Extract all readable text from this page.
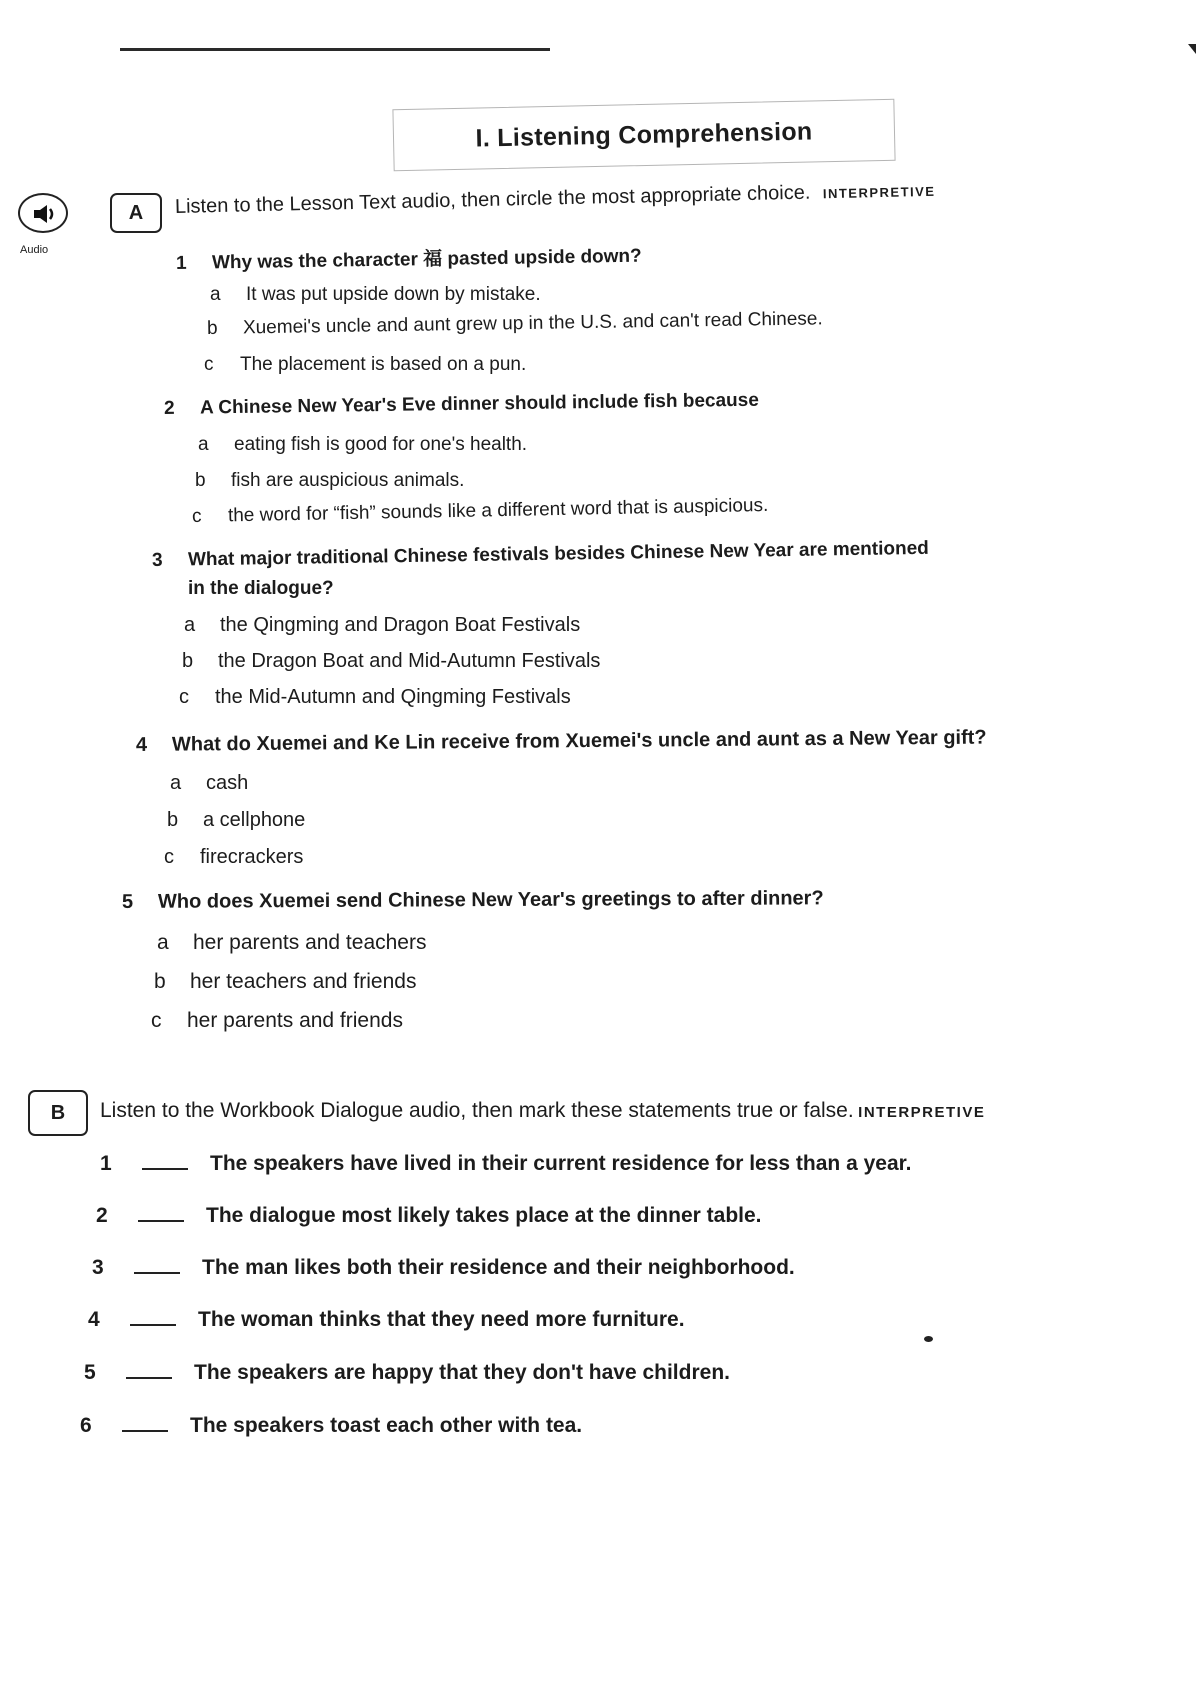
I. Listening Comprehension
Audio
A Listen to the Lesson Text audio, then circle the most appropriate choice. INTERPRETIVE
1 Why was the character 福 pasted upside down?
a It was put upside down by mistake.
b Xuemei's uncle and aunt grew up in the U.S. and can't read Chinese.
c The placement is based on a pun.
2 A Chinese New Year's Eve dinner should include fish because
a eating fish is good for one's health.
b fish are auspicious animals.
c the word for “fish” sounds like a different word that is auspicious.
3 What major traditional Chinese festivals besides Chinese New Year are mentioned
in the dialogue?
a the Qingming and Dragon Boat Festivals
b the Dragon Boat and Mid-Autumn Festivals
c the Mid-Autumn and Qingming Festivals
4 What do Xuemei and Ke Lin receive from Xuemei's uncle and aunt as a New Year gift?
a cash
b a cellphone
c firecrackers
5 Who does Xuemei send Chinese New Year's greetings to after dinner?
a her parents and teachers
b her teachers and friends
c her parents and friends
B Listen to the Workbook Dialogue audio, then mark these statements true or false. INTERPRETIVE
1	The speakers have lived in their current residence for less than a year.
2	The dialogue most likely takes place at the dinner table.
3	The man likes both their residence and their neighborhood.
4	The woman thinks that they need more furniture.
5	The speakers are happy that they don't have children.
6	The speakers toast each other with tea.
